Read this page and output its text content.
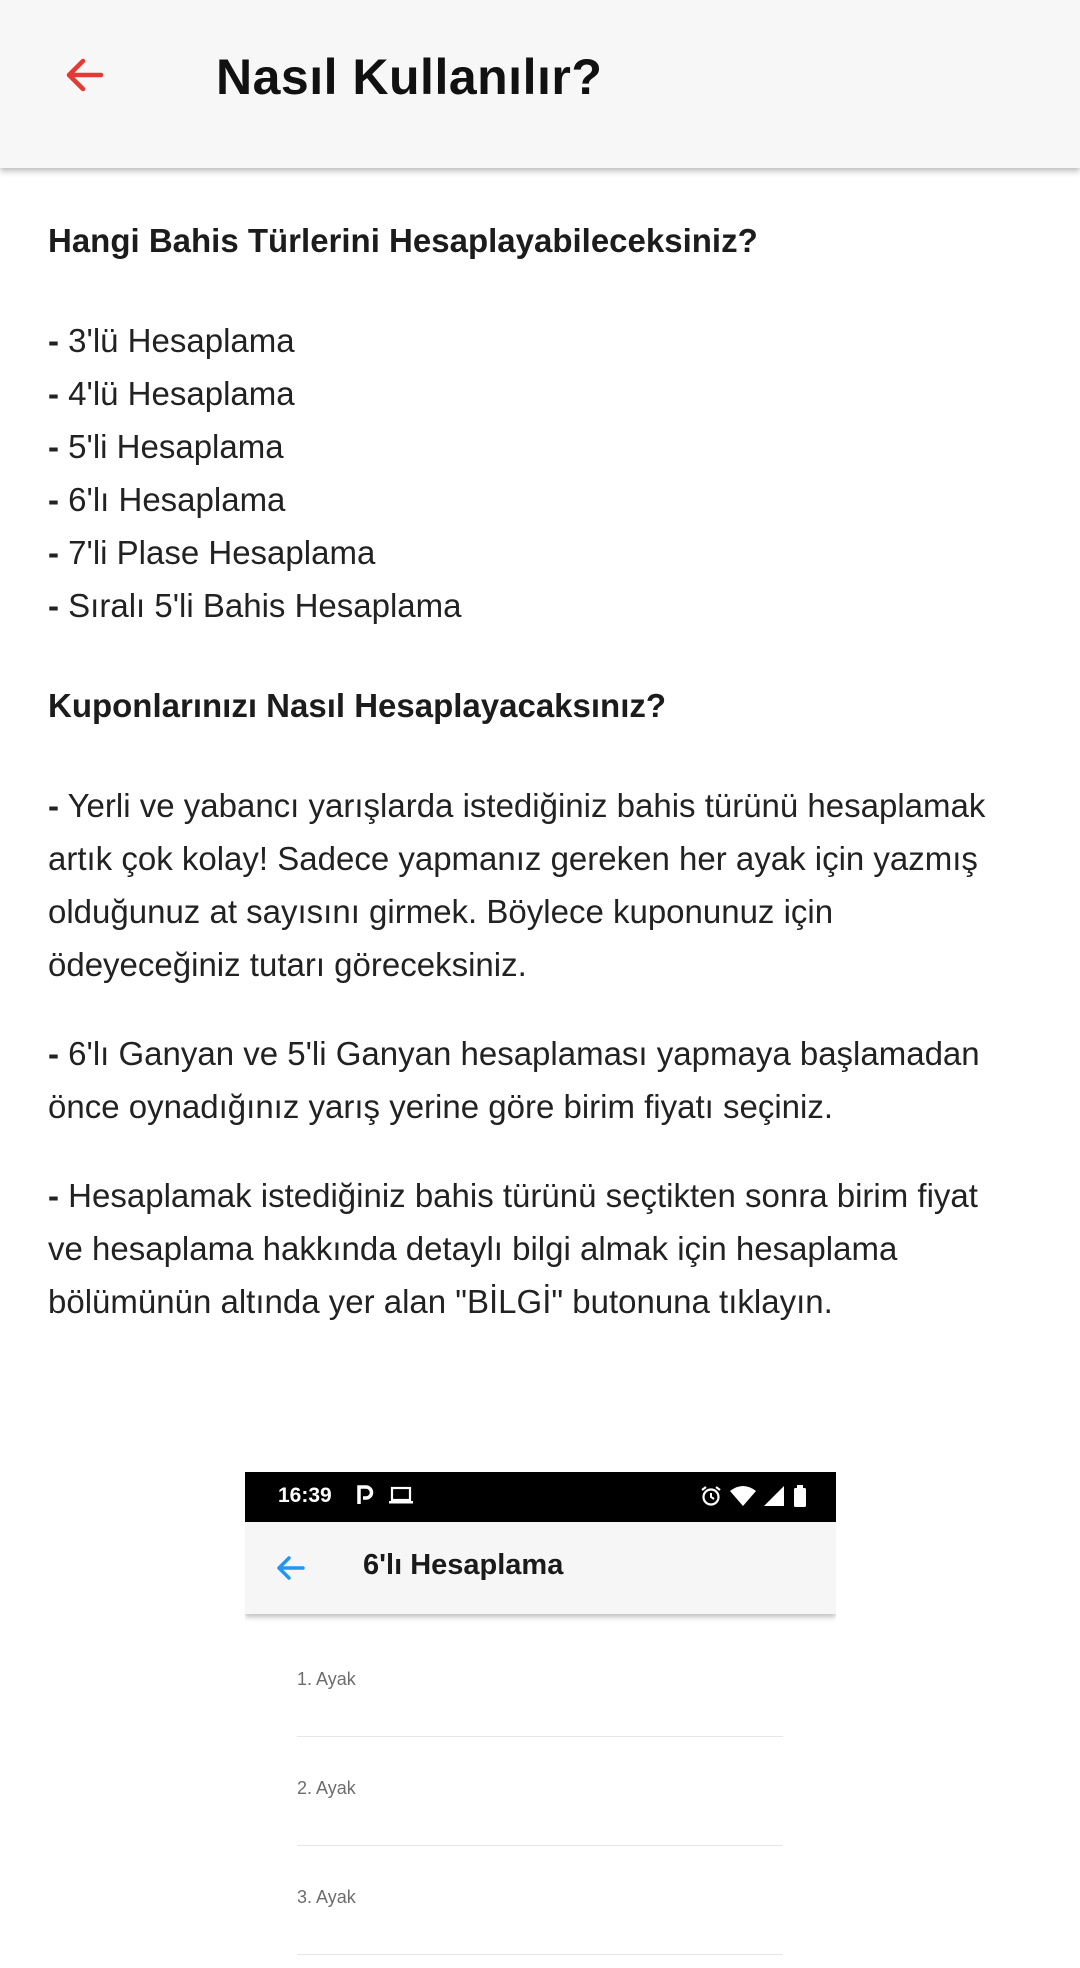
Nasıl Kullanılır?

Hangi Bahis Türlerini Hesaplayabileceksiniz?

- 3'lü Hesaplama
- 4'lü Hesaplama
- 5'li Hesaplama
- 6'lı Hesaplama
- 7'li Plase Hesaplama
- Sıralı 5'li Bahis Hesaplama

Kuponlarınızı Nasıl Hesaplayacaksınız?

- Yerli ve yabancı yarışlarda istediğiniz bahis türünü hesaplamak artık çok kolay! Sadece yapmanız gereken her ayak için yazmış olduğunuz at sayısını girmek. Böylece kuponunuz için ödeyeceğiniz tutarı göreceksiniz.

- 6'lı Ganyan ve 5'li Ganyan hesaplaması yapmaya başlamadan önce oynadığınız yarış yerine göre birim fiyatı seçiniz.

- Hesaplamak istediğiniz bahis türünü seçtikten sonra birim fiyat ve hesaplama hakkında detaylı bilgi almak için hesaplama bölümünün altında yer alan "BİLGİ" butonuna tıklayın.

16:39
6'lı Hesaplama
1. Ayak
2. Ayak
3. Ayak
